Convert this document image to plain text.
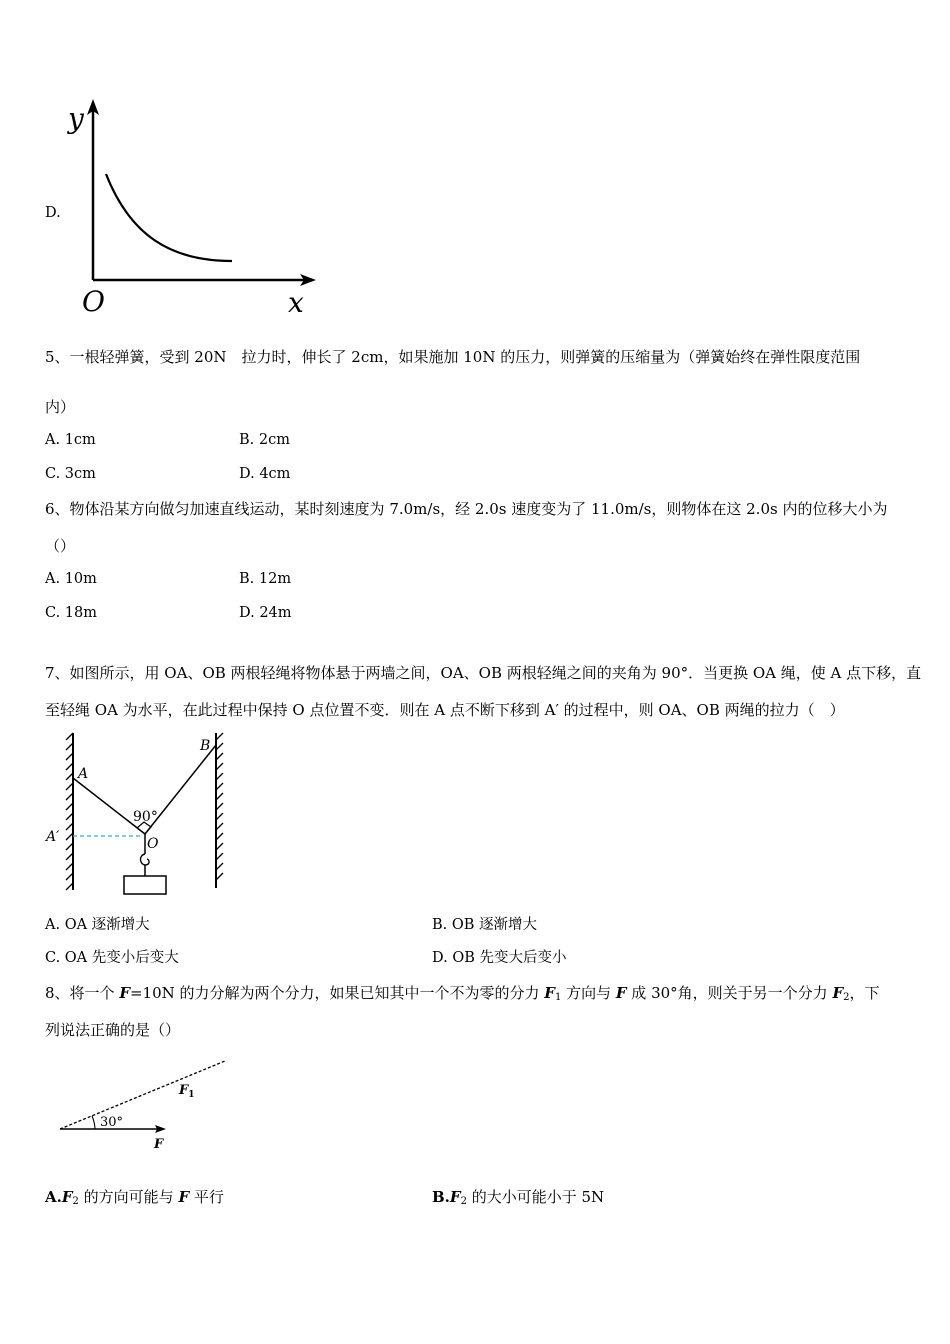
D.
y
x
O
5、一根轻弹簧，受到 20N　拉力时，伸长了 2cm，如果施加 10N 的压力，则弹簧的压缩量为（弹簧始终在弹性限度范围
内）
A. 1cm	B. 2cm
C. 3cm	D. 4cm
6、物体沿某方向做匀加速直线运动，某时刻速度为 7.0m/s，经 2.0s 速度变为了 11.0m/s，则物体在这 2.0s 内的位移大小为
（）
A. 10m	B. 12m
C. 18m	D. 24m
7、如图所示，用 OA、OB 两根轻绳将物体悬于两墙之间，OA、OB 两根轻绳之间的夹角为 90°．当更换 OA 绳，使 A 点下移，直
至轻绳 OA 为水平，在此过程中保持 O 点位置不变．则在 A 点不断下移到 A′ 的过程中，则 OA、OB 两绳的拉力（　）
A
B
A′	O
90°
A. OA 逐渐增大	B. OB 逐渐增大
C. OA 先变小后变大	D. OB 先变大后变小
8、将一个 F=10N 的力分解为两个分力，如果已知其中一个不为零的分力 $F_1$ 方向与 F 成 30°角，则关于另一个分力 $F_2$，下
列说法正确的是（）
30°
$F_1$
F
$A.F_2$ 的方向可能与 F 平行	$B.F_2$ 的大小可能小于 5N
